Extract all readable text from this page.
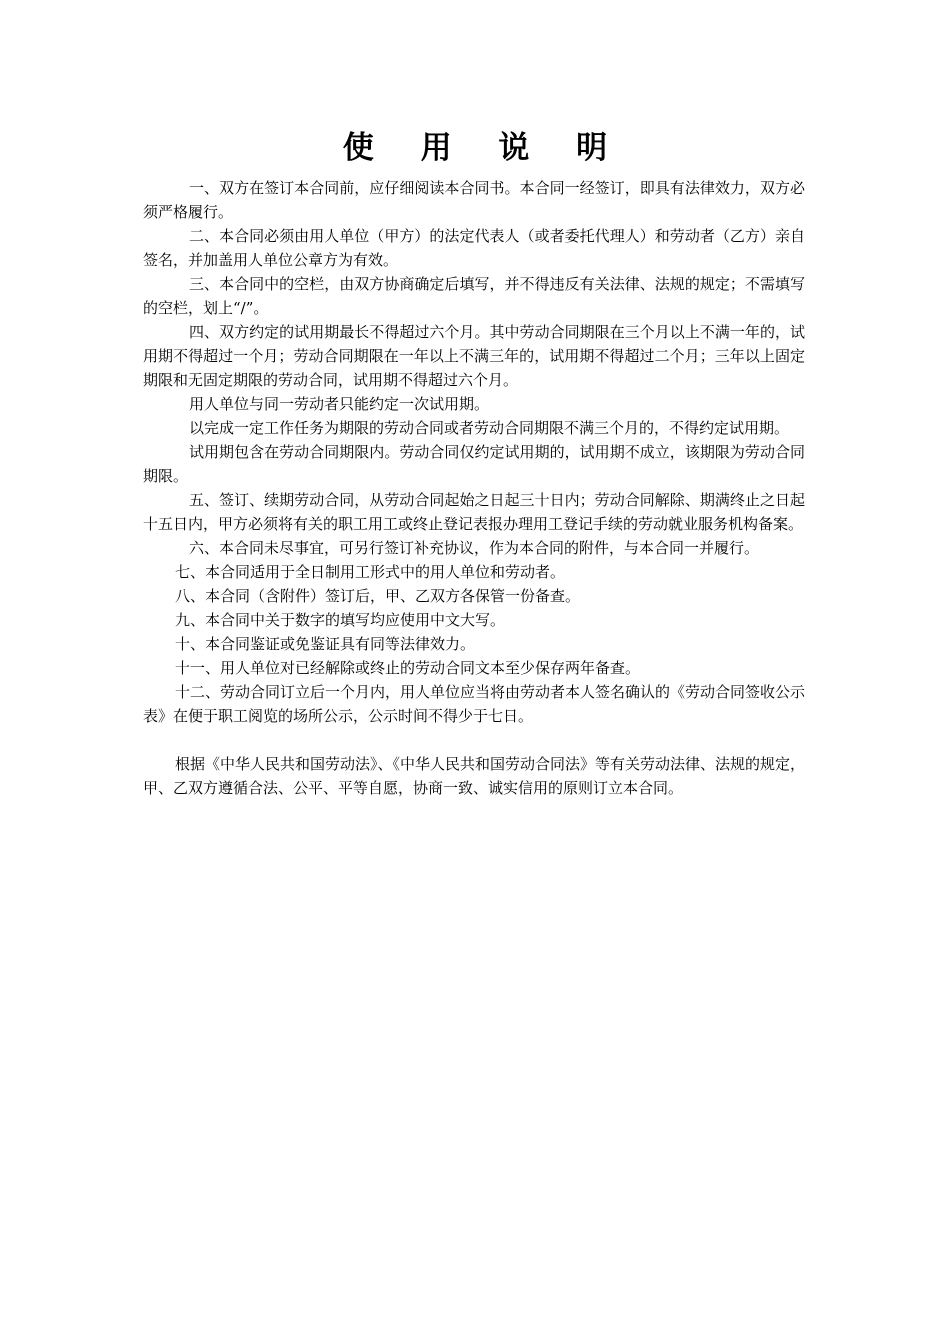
使 用 说 明

一、双方在签订本合同前，应仔细阅读本合同书。本合同一经签订，即具有法律效力，双方必须严格履行。

二、本合同必须由用人单位（甲方）的法定代表人（或者委托代理人）和劳动者（乙方）亲自签名，并加盖用人单位公章方为有效。

三、本合同中的空栏，由双方协商确定后填写，并不得违反有关法律、法规的规定；不需填写的空栏，划上“/”。

四、双方约定的试用期最长不得超过六个月。其中劳动合同期限在三个月以上不满一年的，试用期不得超过一个月；劳动合同期限在一年以上不满三年的，试用期不得超过二个月；三年以上固定期限和无固定期限的劳动合同，试用期不得超过六个月。

用人单位与同一劳动者只能约定一次试用期。

以完成一定工作任务为期限的劳动合同或者劳动合同期限不满三个月的，不得约定试用期。

试用期包含在劳动合同期限内。劳动合同仅约定试用期的，试用期不成立，该期限为劳动合同期限。

五、签订、续期劳动合同，从劳动合同起始之日起三十日内；劳动合同解除、期满终止之日起十五日内，甲方必须将有关的职工用工或终止登记表报办理用工登记手续的劳动就业服务机构备案。

六、本合同未尽事宜，可另行签订补充协议，作为本合同的附件，与本合同一并履行。

七、本合同适用于全日制用工形式中的用人单位和劳动者。

八、本合同（含附件）签订后，甲、乙双方各保管一份备查。

九、本合同中关于数字的填写均应使用中文大写。

十、本合同鉴证或免鉴证具有同等法律效力。

十一、用人单位对已经解除或终止的劳动合同文本至少保存两年备查。

十二、劳动合同订立后一个月内，用人单位应当将由劳动者本人签名确认的《劳动合同签收公示表》在便于职工阅览的场所公示，公示时间不得少于七日。

根据《中华人民共和国劳动法》、《中华人民共和国劳动合同法》等有关劳动法律、法规的规定，甲、乙双方遵循合法、公平、平等自愿，协商一致、诚实信用的原则订立本合同。
